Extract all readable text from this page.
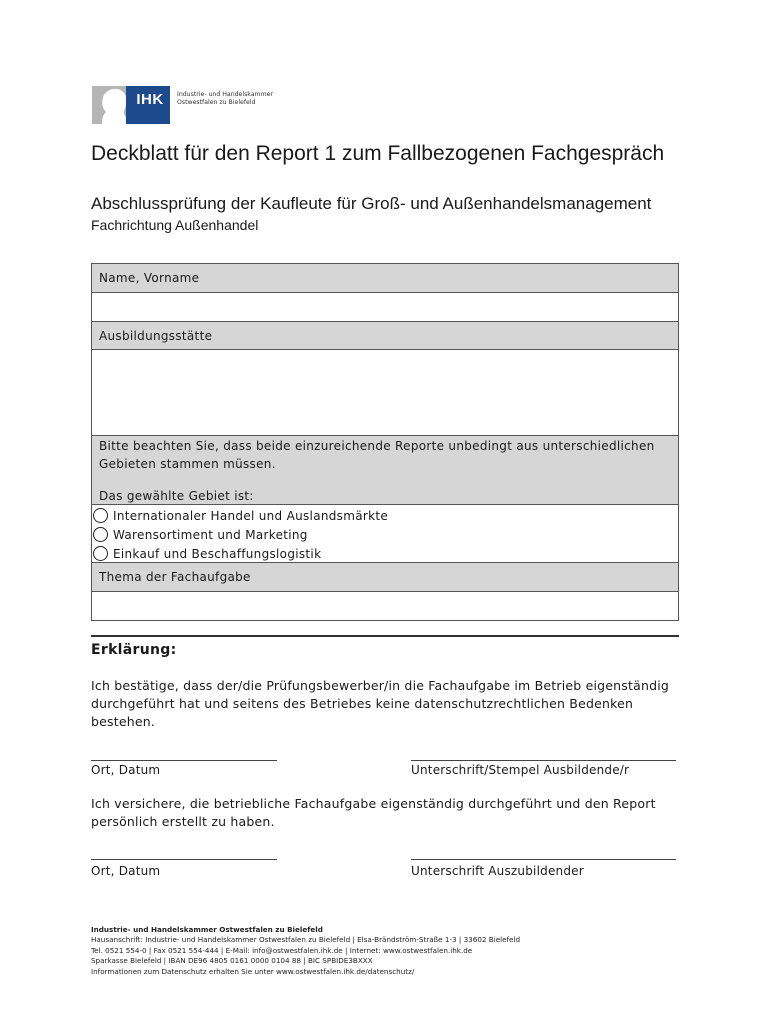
IHK	Industrie- und Handelskammer
Ostwestfalen zu Bielefeld
Deckblatt für den Report 1 zum Fallbezogenen Fachgespräch
Abschlussprüfung der Kaufleute für Groß- und Außenhandelsmanagement
Fachrichtung Außenhandel
Name, Vorname
Ausbildungsstätte

Bitte beachten Sie, dass beide einzureichende Reporte unbedingt aus unterschiedlichen

Gebieten stammen müssen.

Das gewählte Gebiet ist:

Internationaler Handel und Auslandsmärkte
Warensortiment und Marketing
Einkauf und Beschaffungslogistik
Thema der Fachaufgabe
Erklärung:
Ich bestätige, dass der/die Prüfungsbewerber/in die Fachaufgabe im Betrieb eigenständig
durchgeführt hat und seitens des Betriebes keine datenschutzrechtlichen Bedenken bestehen.
Ort, Datum	Unterschrift/Stempel Ausbildende/r
Ich versichere, die betriebliche Fachaufgabe eigenständig durchgeführt und den Report
persönlich erstellt zu haben.
Ort, Datum	Unterschrift Auszubildender
Industrie- und Handelskammer Ostwestfalen zu Bielefeld
Hausanschrift: Industrie- und Handelskammer Ostwestfalen zu Bielefeld | Elsa-Brändström-Straße 1-3 | 33602 Bielefeld
Tel. 0521 554-0 | Fax 0521 554-444 | E-Mail: info@ostwestfalen.ihk.de | Internet: www.ostwestfalen.ihk.de
Sparkasse Bielefeld | IBAN DE96 4805 0161 0000 0104 88 | BIC SPBIDE3BXXX
Informationen zum Datenschutz erhalten Sie unter www.ostwestfalen.ihk.de/datenschutz/
